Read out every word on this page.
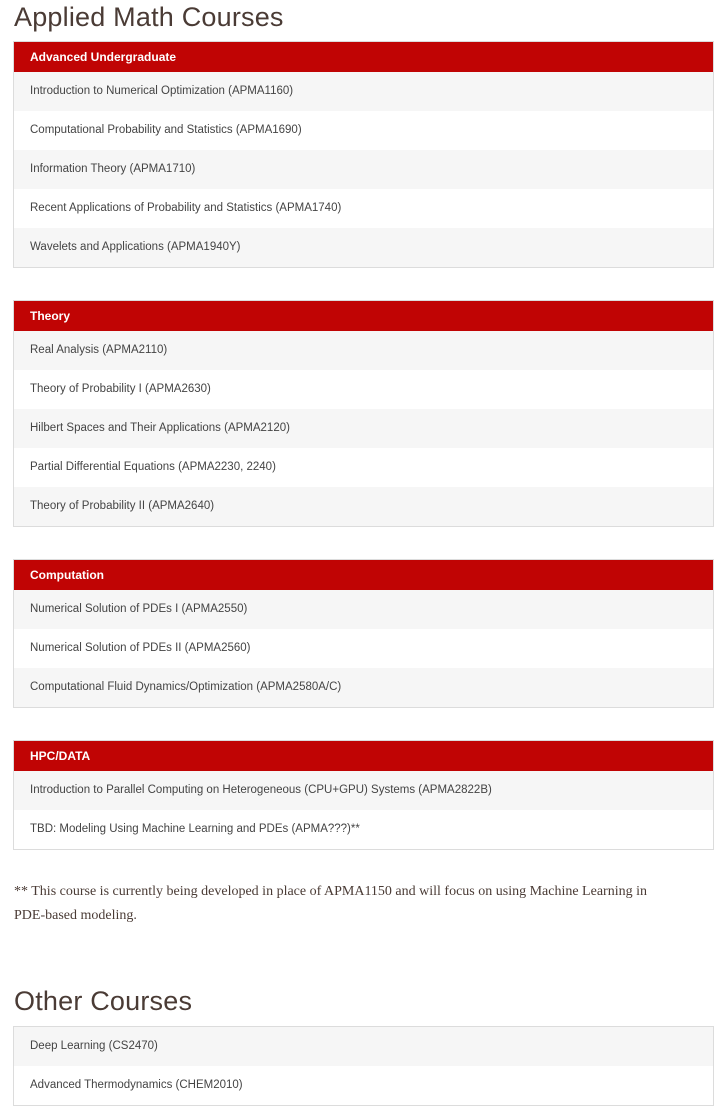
Applied Math Courses
Advanced Undergraduate
Introduction to Numerical Optimization (APMA1160)
Computational Probability and Statistics (APMA1690)
Information Theory (APMA1710)
Recent Applications of Probability and Statistics (APMA1740)
Wavelets and Applications (APMA1940Y)
Theory
Real Analysis (APMA2110)
Theory of Probability I (APMA2630)
Hilbert Spaces and Their Applications (APMA2120)
Partial Differential Equations (APMA2230, 2240)
Theory of Probability II (APMA2640)
Computation
Numerical Solution of PDEs I (APMA2550)
Numerical Solution of PDEs II (APMA2560)
Computational Fluid Dynamics/Optimization (APMA2580A/C)
HPC/DATA
Introduction to Parallel Computing on Heterogeneous (CPU+GPU) Systems (APMA2822B)
TBD: Modeling Using Machine Learning and PDEs (APMA???)**

** This course is currently being developed in place of APMA1150 and will focus on using Machine Learning in PDE-based modeling.

Other Courses
Deep Learning (CS2470)
Advanced Thermodynamics (CHEM2010)
